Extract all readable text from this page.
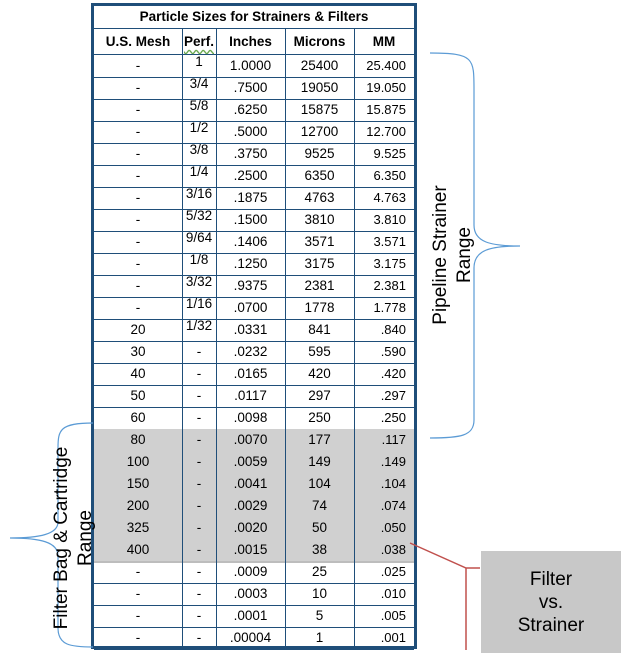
Particle Sizes for Strainers & Filters
U.S. Mesh	Perf.	Inches	Microns	MM
-	1	1.0000	25400	25.400
-	3/4	.7500	19050	19.050
-	5/8	.6250	15875	15.875
-	1/2	.5000	12700	12.700
-	3/8	.3750	9525	9.525
-	1/4	.2500	6350	6.350
-	3/16	.1875	4763	4.763
-	5/32	.1500	3810	3.810
-	9/64	.1406	3571	3.571
-	1/8	.1250	3175	3.175
-	3/32	.9375	2381	2.381
-	1/16	.0700	1778	1.778
20	1/32	.0331	841	.840
30	-	.0232	595	.590
40	-	.0165	420	.420
50	-	.0117	297	.297
60	-	.0098	250	.250
80	-	.0070	177	.117
100	-	.0059	149	.149
150	-	.0041	104	.104
200	-	.0029	74	.074
325	-	.0020	50	.050
400	-	.0015	38	.038
-	-	.0009	25	.025
-	-	.0003	10	.010
-	-	.0001	5	.005
-	-	.00004	1	.001
Pipeline Strainer Range
Filter Bag & Cartridge Range
Filter
vs.
Strainer
